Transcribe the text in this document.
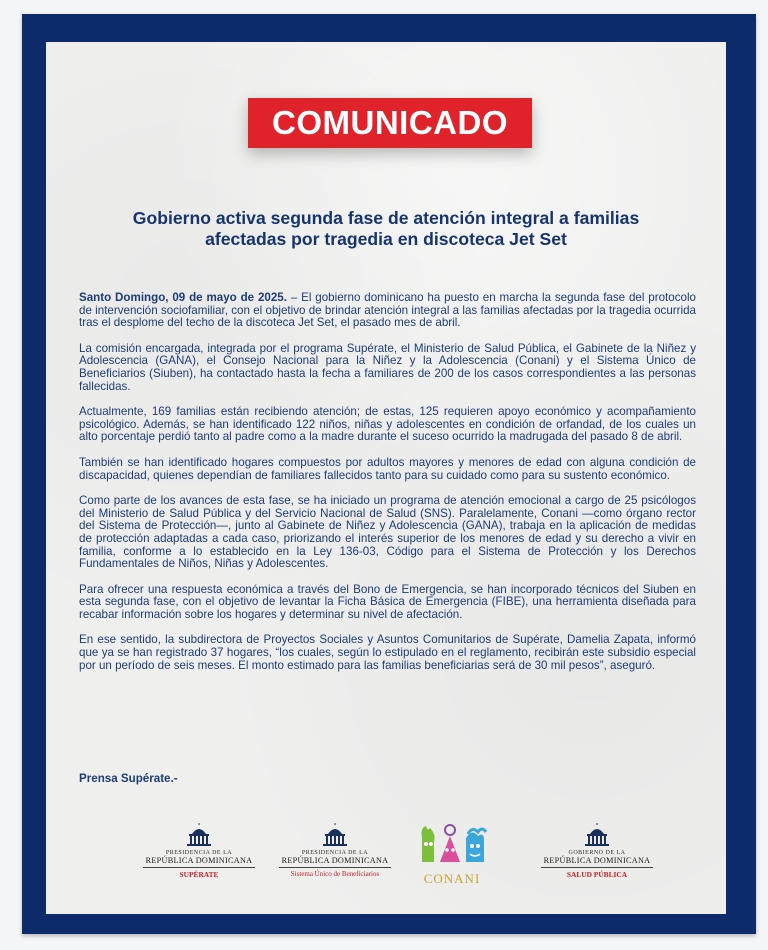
COMUNICADO
Gobierno activa segunda fase de atención integral a familias afectadas por tragedia en discoteca Jet Set

Santo Domingo, 09 de mayo de 2025. – El gobierno dominicano ha puesto en marcha la segunda fase del protocolo de intervención sociofamiliar, con el objetivo de brindar atención integral a las familias afectadas por la tragedia ocurrida tras el desplome del techo de la discoteca Jet Set, el pasado mes de abril.

La comisión encargada, integrada por el programa Supérate, el Ministerio de Salud Pública, el Gabinete de la Niñez y Adolescencia (GANA), el Consejo Nacional para la Niñez y la Adolescencia (Conani) y el Sistema Único de Beneficiarios (Siuben), ha contactado hasta la fecha a familiares de 200 de los casos correspondientes a las personas fallecidas.

Actualmente, 169 familias están recibiendo atención; de estas, 125 requieren apoyo económico y acompañamiento psicológico. Además, se han identificado 122 niños, niñas y adolescentes en condición de orfandad, de los cuales un alto porcentaje perdió tanto al padre como a la madre durante el suceso ocurrido la madrugada del pasado 8 de abril.

También se han identificado hogares compuestos por adultos mayores y menores de edad con alguna condición de discapacidad, quienes dependían de familiares fallecidos tanto para su cuidado como para su sustento económico.

Como parte de los avances de esta fase, se ha iniciado un programa de atención emocional a cargo de 25 psicólogos del Ministerio de Salud Pública y del Servicio Nacional de Salud (SNS). Paralelamente, Conani —como órgano rector del Sistema de Protección—, junto al Gabinete de Niñez y Adolescencia (GANA), trabaja en la aplicación de medidas de protección adaptadas a cada caso, priorizando el interés superior de los menores de edad y su derecho a vivir en familia, conforme a lo establecido en la Ley 136-03, Código para el Sistema de Protección y los Derechos Fundamentales de Niños, Niñas y Adolescentes.

Para ofrecer una respuesta económica a través del Bono de Emergencia, se han incorporado técnicos del Siuben en esta segunda fase, con el objetivo de levantar la Ficha Básica de Emergencia (FIBE), una herramienta diseñada para recabar información sobre los hogares y determinar su nivel de afectación.

En ese sentido, la subdirectora de Proyectos Sociales y Asuntos Comunitarios de Supérate, Damelia Zapata, informó que ya se han registrado 37 hogares, “los cuales, según lo estipulado en el reglamento, recibirán este subsidio especial por un período de seis meses. El monto estimado para las familias beneficiarias será de 30 mil pesos”, aseguró.

Prensa Supérate.-
PRESIDENCIA DE LA
REPÚBLICA DOMINICANA
SUPÉRATE
PRESIDENCIA DE LA
REPÚBLICA DOMINICANA
Sistema Único de Beneficiarios	CONANI
GOBIERNO DE LA
REPÚBLICA DOMINICANA
SALUD PÚBLICA
